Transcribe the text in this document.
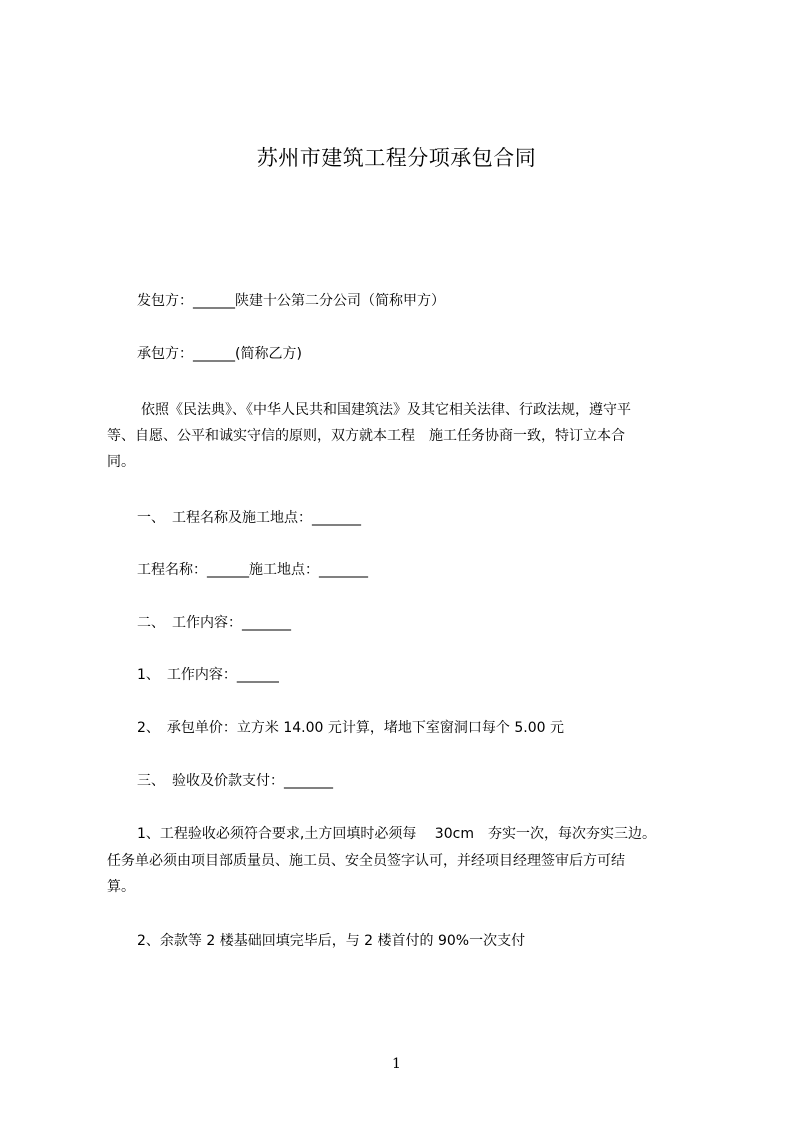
苏州市建筑工程分项承包合同

发包方：______陕建十公第二分公司（简称甲方）

承包方：______(简称乙方)

依照《民法典》、《中华人民共和国建筑法》及其它相关法律、行政法规，遵守平

等、自愿、公平和诚实守信的原则，双方就本工程　施工任务协商一致，特订立本合

同。

一、　工程名称及施工地点：_______

工程名称：______施工地点：_______

二、　工作内容：_______

1、　工作内容：______

2、　承包单价：立方米 14.00 元计算，堵地下室窗洞口每个 5.00 元

三、　验收及价款支付：_______

1、工程验收必须符合要求,土方回填时必须每　 30cm　夯实一次，每次夯实三边。

任务单必须由项目部质量员、施工员、安全员签字认可，并经项目经理签审后方可结

算。

2、余款等 2 楼基础回填完毕后，与 2 楼首付的 90%一次支付

1
